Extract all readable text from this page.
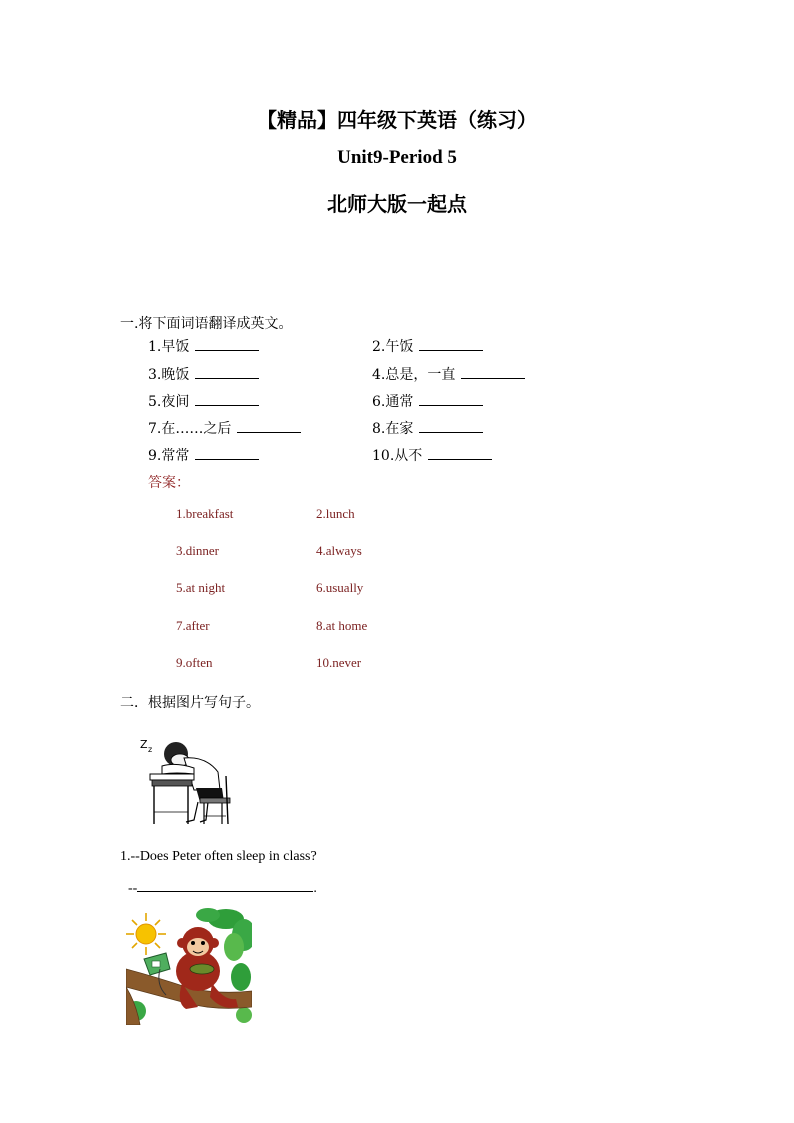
【精品】四年级下英语（练习）
Unit9-Period 5
北师大版一起点
一.将下面词语翻译成英文。
1.早饭	2.午饭
3.晚饭	4.总是，一直
5.夜间	6.通常
7.在……之后	8.在家
9.常常	10.从不
答案：
1.breakfast	2.lunch
3.dinner	4.always
5.at night	6.usually
7.after	8.at home
9.often	10.never
二．根据图片写句子。
Z z
1.--Does Peter often sleep in class?
--	.
